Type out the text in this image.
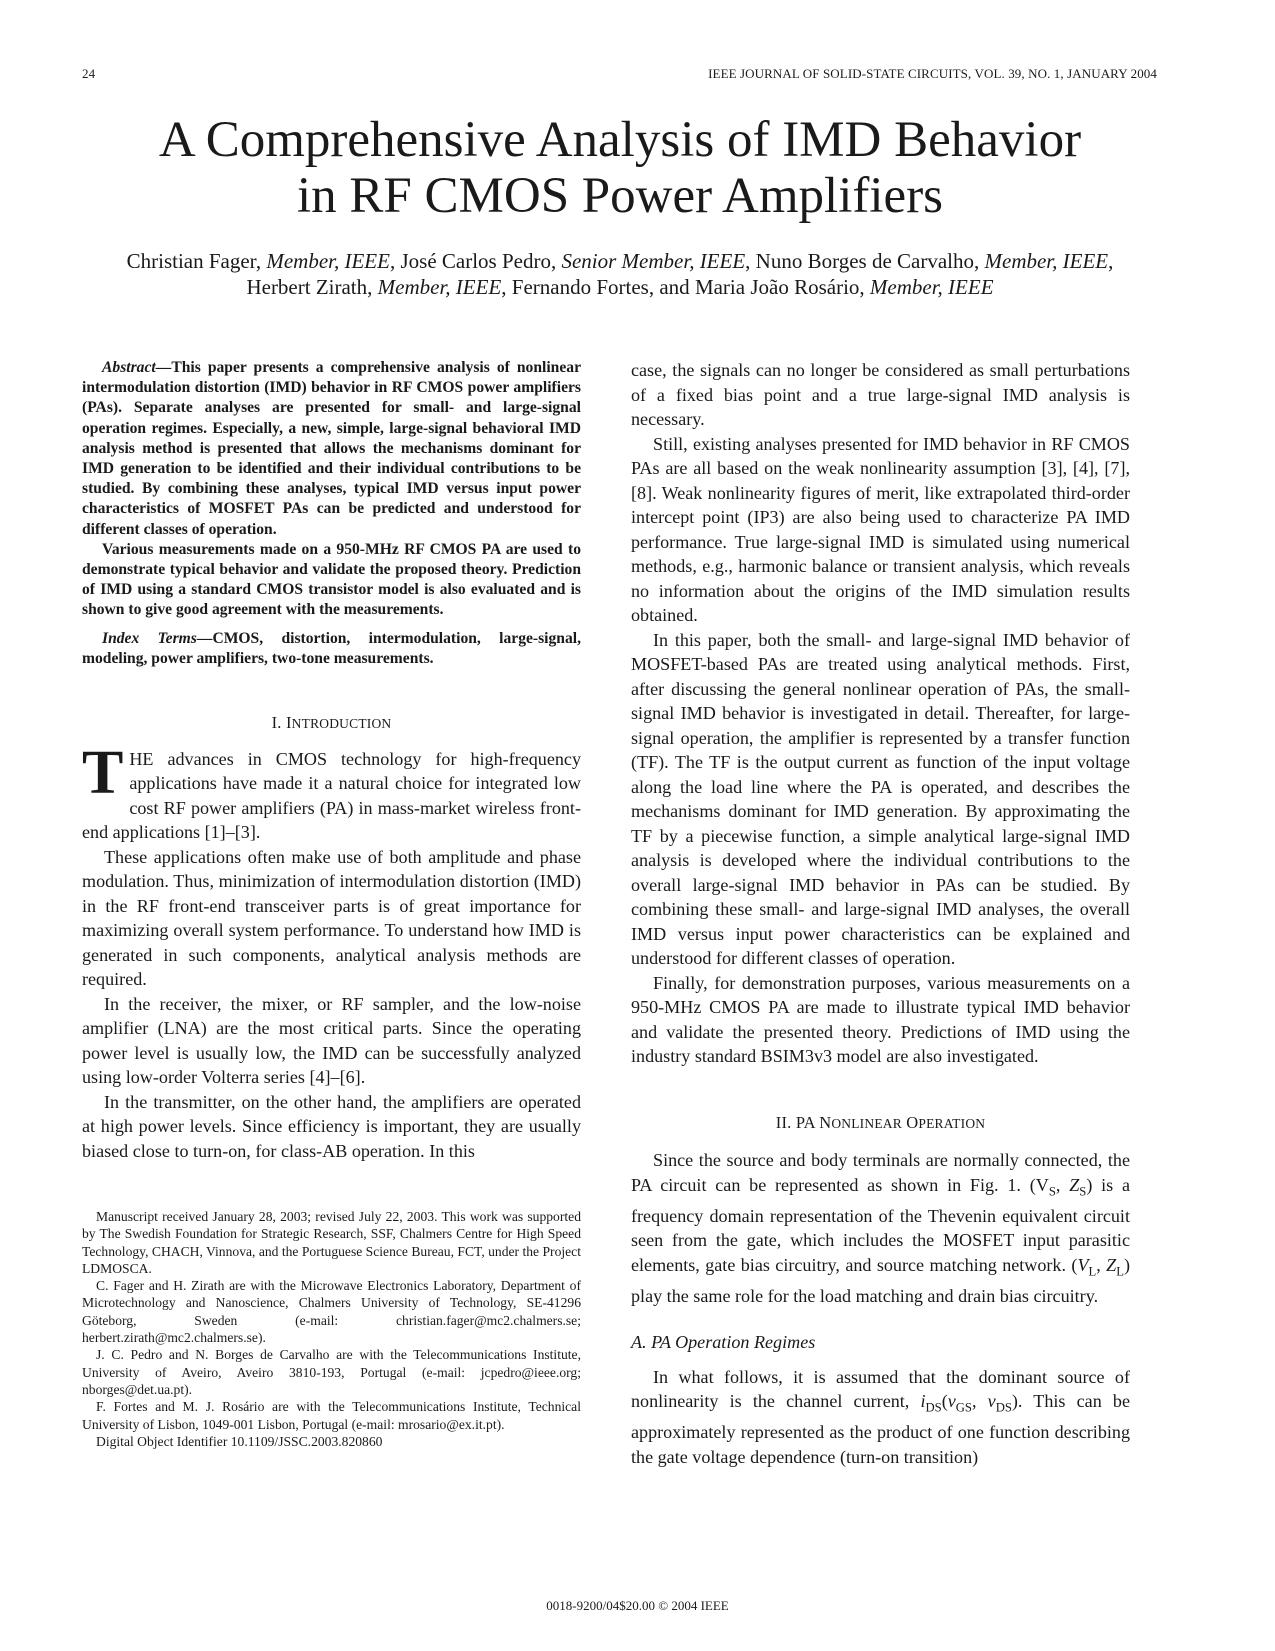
24	IEEE JOURNAL OF SOLID-STATE CIRCUITS, VOL. 39, NO. 1, JANUARY 2004
A Comprehensive Analysis of IMD Behavior
in RF CMOS Power Amplifiers
Christian Fager, Member, IEEE, José Carlos Pedro, Senior Member, IEEE, Nuno Borges de Carvalho, Member, IEEE,
Herbert Zirath, Member, IEEE, Fernando Fortes, and Maria João Rosário, Member, IEEE

Abstract—This paper presents a comprehensive analysis of nonlinear intermodulation distortion (IMD) behavior in RF CMOS power amplifiers (PAs). Separate analyses are presented for small- and large-signal operation regimes. Especially, a new, simple, large-signal behavioral IMD analysis method is presented that allows the mechanisms dominant for IMD generation to be identified and their individual contributions to be studied. By combining these analyses, typical IMD versus input power characteristics of MOSFET PAs can be predicted and understood for different classes of operation.

Various measurements made on a 950-MHz RF CMOS PA are used to demonstrate typical behavior and validate the proposed theory. Prediction of IMD using a standard CMOS transistor model is also evaluated and is shown to give good agreement with the measurements.

Index Terms—CMOS, distortion, intermodulation, large-signal, modeling, power amplifiers, two-tone measurements.

I. INTRODUCTION

THE advances in CMOS technology for high-frequency applications have made it a natural choice for integrated low cost RF power amplifiers (PA) in mass-market wireless front-end applications [1]–[3].

These applications often make use of both amplitude and phase modulation. Thus, minimization of intermodulation distortion (IMD) in the RF front-end transceiver parts is of great importance for maximizing overall system performance. To understand how IMD is generated in such components, analytical analysis methods are required.

In the receiver, the mixer, or RF sampler, and the low-noise amplifier (LNA) are the most critical parts. Since the operating power level is usually low, the IMD can be successfully analyzed using low-order Volterra series [4]–[6].

In the transmitter, on the other hand, the amplifiers are operated at high power levels. Since efficiency is important, they are usually biased close to turn-on, for class-AB operation. In this

Manuscript received January 28, 2003; revised July 22, 2003. This work was supported by The Swedish Foundation for Strategic Research, SSF, Chalmers Centre for High Speed Technology, CHACH, Vinnova, and the Portuguese Science Bureau, FCT, under the Project LDMOSCA.

C. Fager and H. Zirath are with the Microwave Electronics Laboratory, Department of Microtechnology and Nanoscience, Chalmers University of Technology, SE-41296 Göteborg, Sweden (e-mail: christian.fager@mc2.chalmers.se; herbert.zirath@mc2.chalmers.se).

J. C. Pedro and N. Borges de Carvalho are with the Telecommunications Institute, University of Aveiro, Aveiro 3810-193, Portugal (e-mail: jcpedro@ieee.org; nborges@det.ua.pt).

F. Fortes and M. J. Rosário are with the Telecommunications Institute, Technical University of Lisbon, 1049-001 Lisbon, Portugal (e-mail: mrosario@ex.it.pt).

Digital Object Identifier 10.1109/JSSC.2003.820860

case, the signals can no longer be considered as small perturbations of a fixed bias point and a true large-signal IMD analysis is necessary.

Still, existing analyses presented for IMD behavior in RF CMOS PAs are all based on the weak nonlinearity assumption [3], [4], [7], [8]. Weak nonlinearity figures of merit, like extrapolated third-order intercept point (IP3) are also being used to characterize PA IMD performance. True large-signal IMD is simulated using numerical methods, e.g., harmonic balance or transient analysis, which reveals no information about the origins of the IMD simulation results obtained.

In this paper, both the small- and large-signal IMD behavior of MOSFET-based PAs are treated using analytical methods. First, after discussing the general nonlinear operation of PAs, the small-signal IMD behavior is investigated in detail. Thereafter, for large-signal operation, the amplifier is represented by a transfer function (TF). The TF is the output current as function of the input voltage along the load line where the PA is operated, and describes the mechanisms dominant for IMD generation. By approximating the TF by a piecewise function, a simple analytical large-signal IMD analysis is developed where the individual contributions to the overall large-signal IMD behavior in PAs can be studied. By combining these small- and large-signal IMD analyses, the overall IMD versus input power characteristics can be explained and understood for different classes of operation.

Finally, for demonstration purposes, various measurements on a 950-MHz CMOS PA are made to illustrate typical IMD behavior and validate the presented theory. Predictions of IMD using the industry standard BSIM3v3 model are also investigated.

II. PA NONLINEAR OPERATION

Since the source and body terminals are normally connected, the PA circuit can be represented as shown in Fig. 1. ($V_S$, $Z_S$) is a frequency domain representation of the Thevenin equivalent circuit seen from the gate, which includes the MOSFET input parasitic elements, gate bias circuitry, and source matching network. ($V_L$, $Z_L$) play the same role for the load matching and drain bias circuitry.

A. PA Operation Regimes

In what follows, it is assumed that the dominant source of nonlinearity is the channel current, $i_{DS}(v_{GS}$, $v_{DS}$). This can be approximately represented as the product of one function describing the gate voltage dependence (turn-on transition)

0018-9200/04$20.00 © 2004 IEEE
